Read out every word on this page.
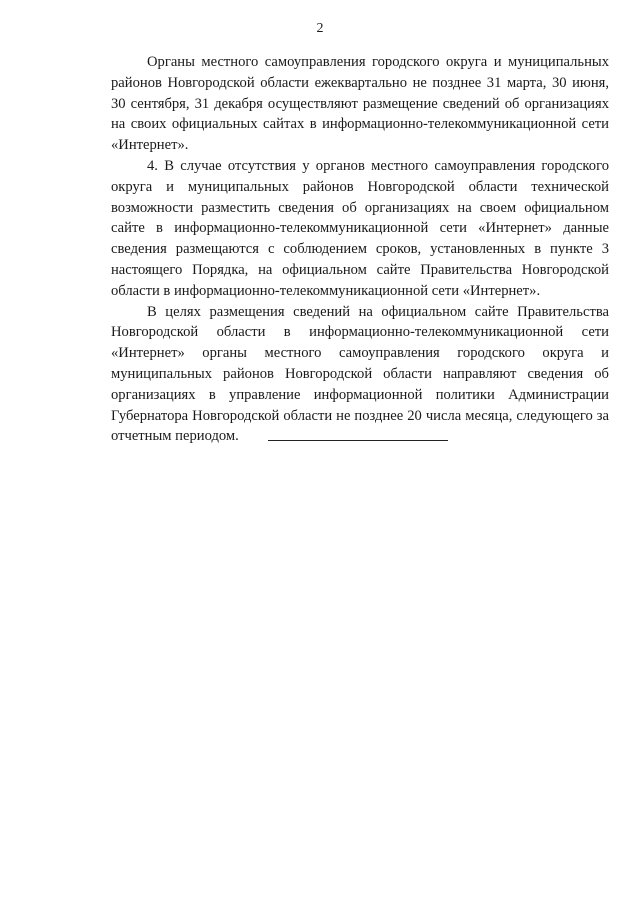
2

Органы местного самоуправления городского округа и муниципальных районов Новгородской области ежеквартально не позднее 31 марта, 30 июня, 30 сентября, 31 декабря осуществляют размещение сведений об организациях на своих официальных сайтах в информационно-телекоммуникационной сети «Интернет».

4. В случае отсутствия у органов местного самоуправления городского округа и муниципальных районов Новгородской области технической возможности разместить сведения об организациях на своем официальном сайте в информационно-телекоммуникационной сети «Интернет» данные сведения размещаются с соблюдением сроков, установленных в пункте 3 настоящего Порядка, на официальном сайте Правительства Новгородской области в информационно-телекоммуникационной сети «Интернет».

В целях размещения сведений на официальном сайте Правительства Новгородской области в информационно-телекоммуникационной сети «Интернет» органы местного самоуправления городского округа и муниципальных районов Новгородской области направляют сведения об организациях в управление информационной политики Администрации Губернатора Новгородской области не позднее 20 числа месяца, следующего за отчетным периодом.
